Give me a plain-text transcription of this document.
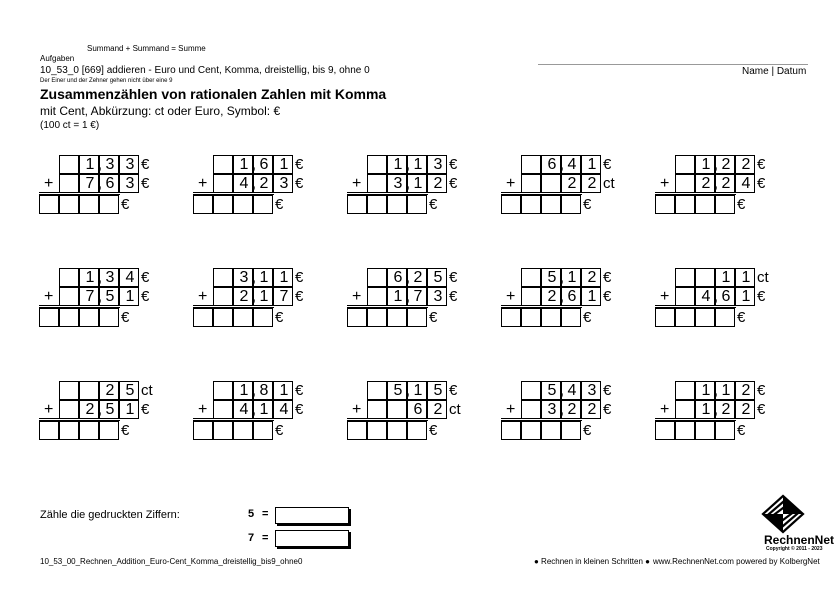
Summand + Summand = Summe
Aufgaben
10_53_0 [669] addieren - Euro und Cent, Komma, dreistellig, bis 9, ohne 0
Der Einer und der Zehner gehen nicht über eine 9
Name | Datum
Zusammenzählen von rationalen Zahlen mit Komma
mit Cent, Abkürzung: ct oder Euro, Symbol: €
(100 ct = 1 €)
1 , 3 3 €
7 , 6 3 €
+
€
1 , 6 1 €
4 , 2 3 €
+
€
1 , 1 3 €
3 , 1 2 €
+
€
6 , 4 1 €
2 2 ct
+
€
1 , 2 2 €
2 , 2 4 €
+
€
1 , 3 4 €
7 , 5 1 €
+
€
3 , 1 1 €
2 , 1 7 €
+
€
6 , 2 5 €
1 , 7 3 €
+
€
5 , 1 2 €
2 , 6 1 €
+
€
1 1 ct
4 , 6 1 €
+
€
2 5 ct
2 , 5 1 €
+
€
1 , 8 1 €
4 , 1 4 €
+
€
5 , 1 5 €
6 2 ct
+
€
5 , 4 3 €
3 , 2 2 €
+
€
1 , 1 2 €
1 , 2 2 €
+
€
Zähle die gedruckten Ziffern:	5 =
7 =	RechnenNet
Copyright © 2011 - 2023
10_53_00_Rechnen_Addition_Euro-Cent_Komma_dreistellig_bis9_ohne0	● Rechnen in kleinen Schritten ● www.RechnenNet.com powered by KolbergNet
